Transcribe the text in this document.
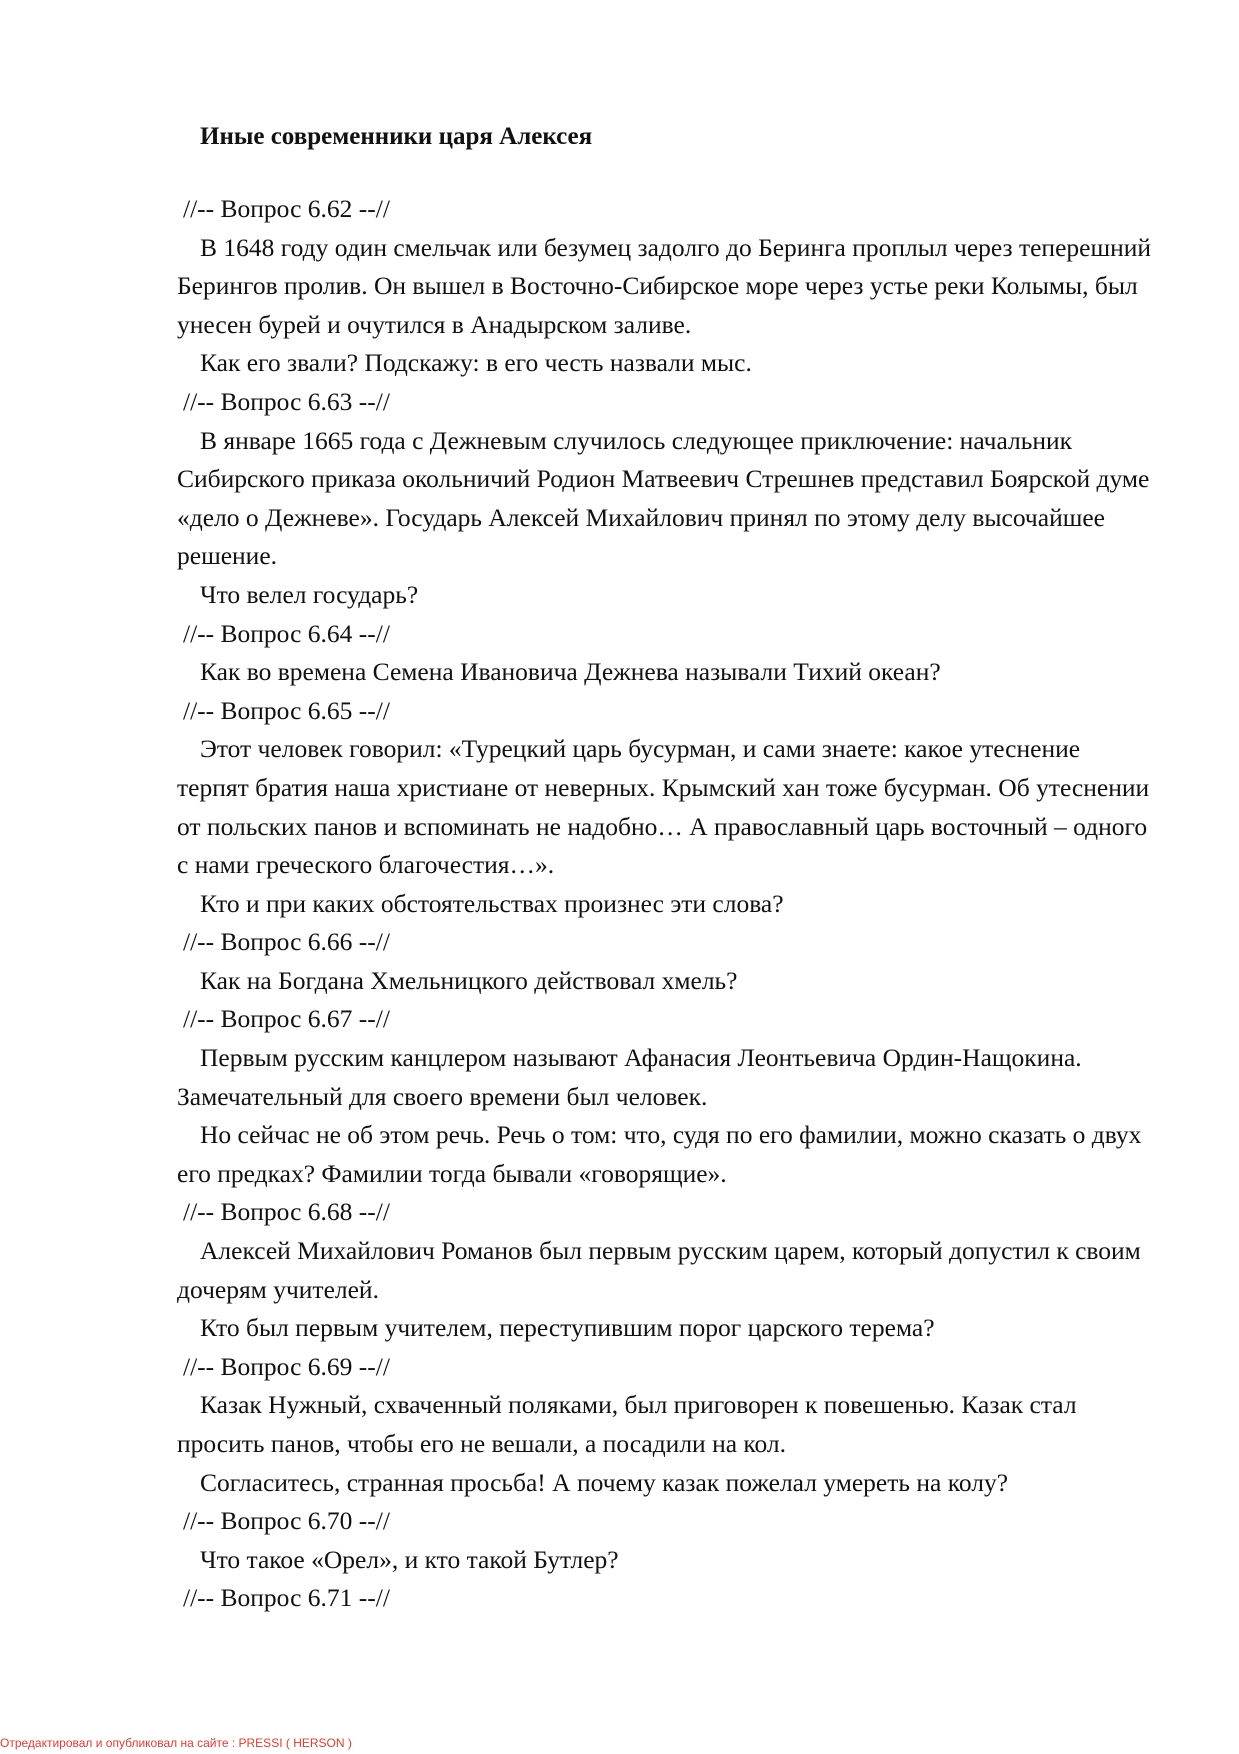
Иные современники царя Алексея
//-- Вопрос 6.62 --//
В 1648 году один смельчак или безумец задолго до Беринга проплыл через теперешний Берингов пролив. Он вышел в Восточно-Сибирское море через устье реки Колымы, был унесен бурей и очутился в Анадырском заливе.
Как его звали? Подскажу: в его честь назвали мыс.
//-- Вопрос 6.63 --//
В январе 1665 года с Дежневым случилось следующее приключение: начальник Сибирского приказа окольничий Родион Матвеевич Стрешнев представил Боярской думе «дело о Дежневе». Государь Алексей Михайлович принял по этому делу высочайшее решение.
Что велел государь?
//-- Вопрос 6.64 --//
Как во времена Семена Ивановича Дежнева называли Тихий океан?
//-- Вопрос 6.65 --//
Этот человек говорил: «Турецкий царь бусурман, и сами знаете: какое утеснение терпят братия наша христиане от неверных. Крымский хан тоже бусурман. Об утеснении от польских панов и вспоминать не надобно… А православный царь восточный – одного с нами греческого благочестия…».
Кто и при каких обстоятельствах произнес эти слова?
//-- Вопрос 6.66 --//
Как на Богдана Хмельницкого действовал хмель?
//-- Вопрос 6.67 --//
Первым русским канцлером называют Афанасия Леонтьевича Ордин-Нащокина. Замечательный для своего времени был человек.
Но сейчас не об этом речь. Речь о том: что, судя по его фамилии, можно сказать о двух его предках? Фамилии тогда бывали «говорящие».
//-- Вопрос 6.68 --//
Алексей Михайлович Романов был первым русским царем, который допустил к своим дочерям учителей.
Кто был первым учителем, переступившим порог царского терема?
//-- Вопрос 6.69 --//
Казак Нужный, схваченный поляками, был приговорен к повешенью. Казак стал просить панов, чтобы его не вешали, а посадили на кол.
Согласитесь, странная просьба! А почему казак пожелал умереть на колу?
//-- Вопрос 6.70 --//
Что такое «Орел», и кто такой Бутлер?
//-- Вопрос 6.71 --//
Отредактировал и опубликовал на сайте : PRESSI ( HERSON )
